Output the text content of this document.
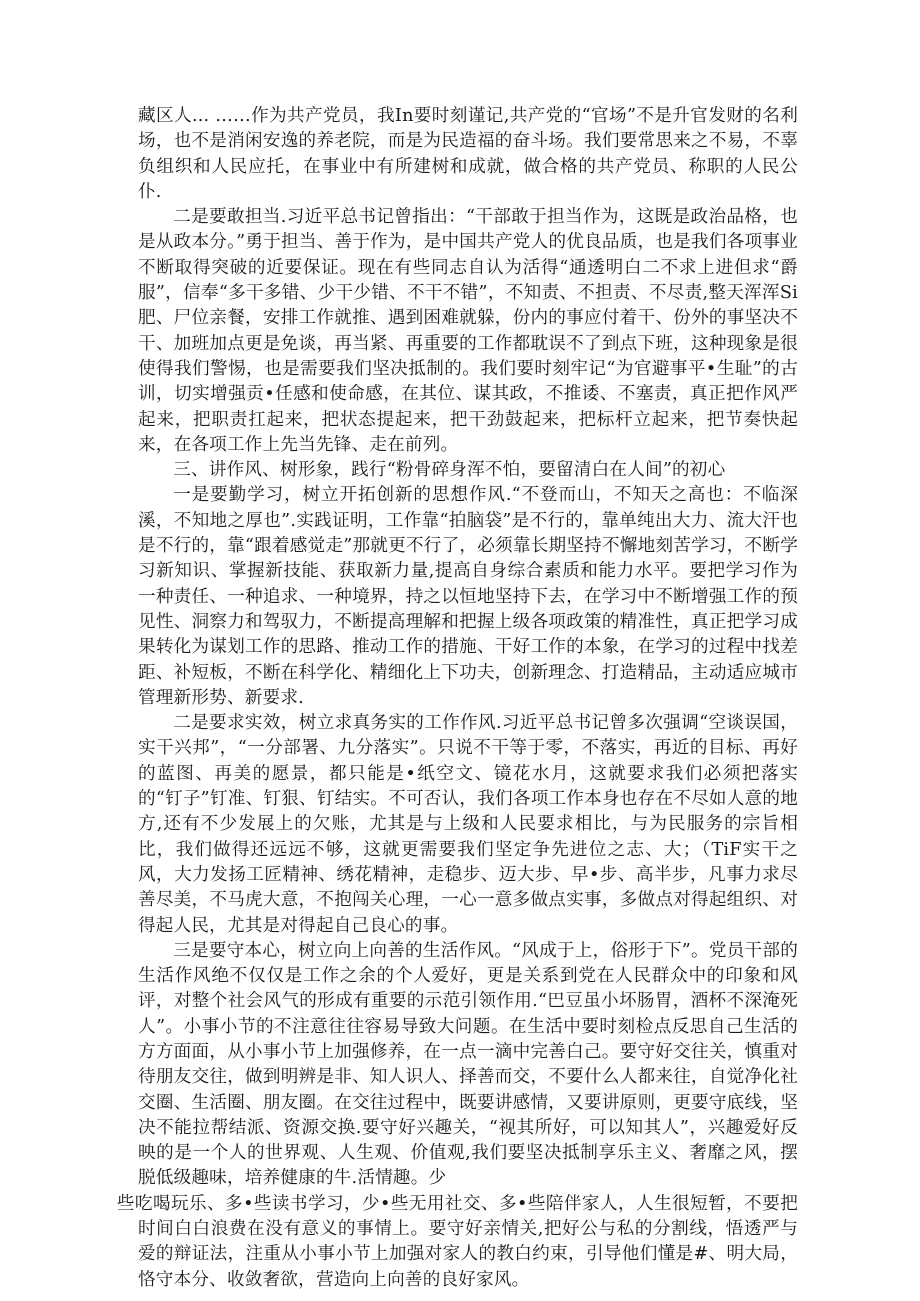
藏区人... ……作为共产党员，我In要时刻谨记,共产党的“官场”不是升官发财的名利场，也不是消闲安逸的养老院，而是为民造福的奋斗场。我们要常思来之不易，不辜负组织和人民应托，在事业中有所建树和成就，做合格的共产党员、称职的人民公仆.

二是要敢担当.习近平总书记曾指出：“干部敢于担当作为，这既是政治品格，也是从政本分。”勇于担当、善于作为，是中国共产党人的优良品质，也是我们各项事业不断取得突破的近要保证。现在有些同志自认为活得“通透明白二不求上进但求“爵服”，信奉“多干多错、少干少错、不干不错”，不知责、不担责、不尽责,整天浑浑Si肥、尸位亲餐，安排工作就推、遇到困难就躲，份内的事应付着干、份外的事坚决不干、加班加点更是免谈，再当紧、再重要的工作都耽误不了到点下班，这种现象是很使得我们警惕，也是需要我们坚决抵制的。我们要时刻牢记“为官避事平•生耻”的古训，切实增强贡•任感和使命感，在其位、谋其政，不推诿、不塞责，真正把作风严起来，把职责扛起来，把状态提起来，把干劲鼓起来，把标杆立起来，把节奏快起来，在各项工作上先当先锋、走在前列。

三、讲作风、树形象，践行“粉骨碎身浑不怕，要留清白在人间”的初心

一是要勤学习，树立开拓创新的思想作风.“不登而山，不知天之高也：不临深溪，不知地之厚也”.实践证明，工作靠“拍脑袋”是不行的，靠单纯出大力、流大汗也是不行的，靠“跟着感觉走”那就更不行了，必须靠长期坚持不懈地刻苦学习，不断学习新知识、掌握新技能、获取新力量,提高自身综合素质和能力水平。要把学习作为一种责任、一种追求、一种境界，持之以恒地坚持下去，在学习中不断增强工作的预见性、洞察力和驾驭力，不断提高理解和把握上级各项政策的精准性，真正把学习成果转化为谋划工作的思路、推动工作的措施、干好工作的本象，在学习的过程中找差距、补短板，不断在科学化、精细化上下功夫，创新理念、打造精品，主动适应城市管理新形势、新要求.

二是要求实效，树立求真务实的工作作风.习近平总书记曾多次强调“空谈误国，实干兴邦”，“一分部署、九分落实”。只说不干等于零，不落实，再近的目标、再好的蓝图、再美的愿景，都只能是•纸空文、镜花水月，这就要求我们必须把落实的“钉子”钉准、钉狠、钉结实。不可否认，我们各项工作本身也存在不尽如人意的地方,还有不少发展上的欠账，尤其是与上级和人民要求相比，与为民服务的宗旨相比，我们做得还远远不够，这就更需要我们坚定争先进位之志、大；（TiF实干之风，大力发扬工匠精神、绣花精神，走稳步、迈大步、早•步、高半步，凡事力求尽善尽美，不马虎大意，不抱闯关心理，一心一意多做点实事，多做点对得起组织、对得起人民，尤其是对得起自己良心的事。

三是要守本心，树立向上向善的生活作风。“风成于上，俗形于下”。党员干部的生活作风绝不仅仅是工作之余的个人爱好，更是关系到党在人民群众中的印象和风评，对整个社会风气的形成有重要的示范引领作用.“巴豆虽小坏肠胃，酒杯不深淹死人”。小事小节的不注意往往容易导致大问题。在生活中要时刻检点反思自己生活的方方面面，从小事小节上加强修养，在一点一滴中完善白己。要守好交往关，慎重对待朋友交往，做到明辨是非、知人识人、择善而交，不要什么人都来往，自觉净化社交圈、生活圈、朋友圈。在交往过程中，既要讲感情，又要讲原则，更要守底线，坚决不能拉帮结派、资源交换.要守好兴趣关，“视其所好，可以知其人”，兴趣爱好反映的是一个人的世界观、人生观、价值观,我们要坚决抵制享乐主义、奢靡之风，摆脱低级趣味，培养健康的牛.活情趣。少

些吃喝玩乐、多•些读书学习，少•些无用社交、多•些陪伴家人，人生很短暂，不要把时间白白浪费在没有意义的事情上。要守好亲情关,把好公与私的分割线，悟透严与爱的辩证法，注重从小事小节上加强对家人的教白约束，引导他们懂是#、明大局，恪守本分、收敛奢欲，营造向上向善的良好家风。
